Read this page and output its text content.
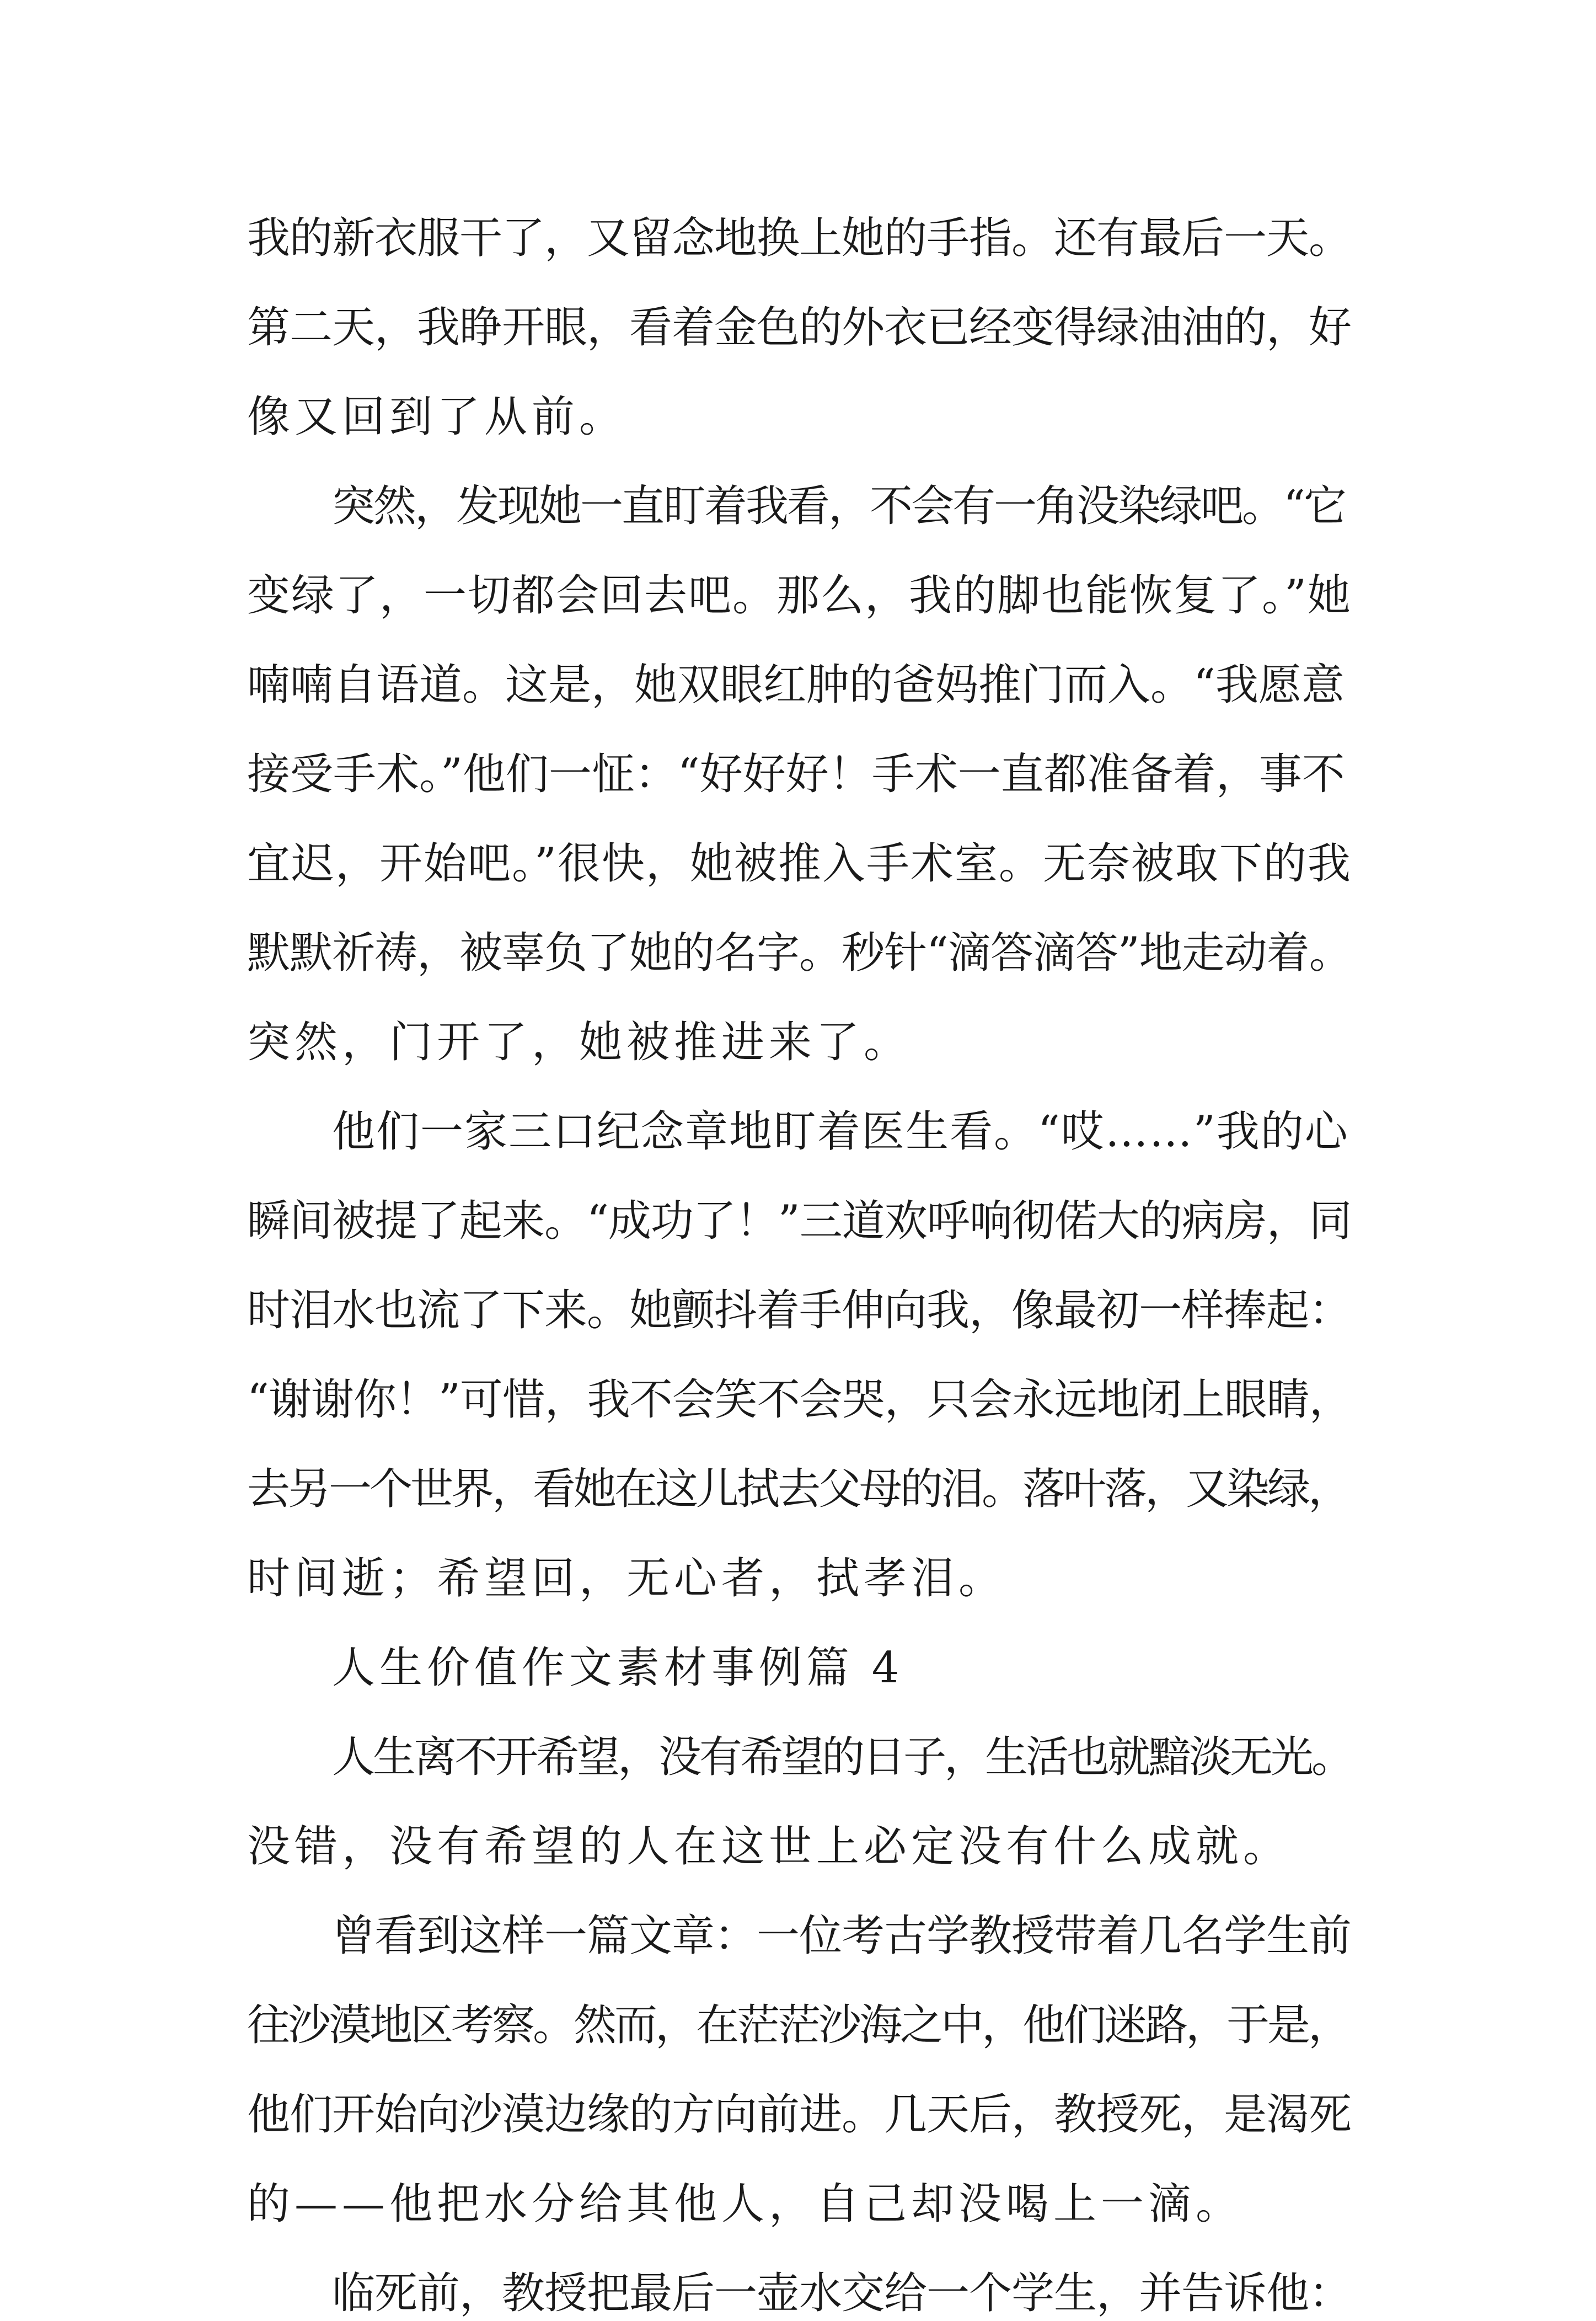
我的新衣服干了，又留念地换上她的手指。还有最后一天。
第二天，我睁开眼，看着金色的外衣已经变得绿油油的，好
像又回到了从前。
突然，发现她一直盯着我看，不会有一角没染绿吧。“它
变绿了，一切都会回去吧。那么，我的脚也能恢复了。”她
喃喃自语道。这是，她双眼红肿的爸妈推门而入。“我愿意
接受手术。”他们一怔：“好好好！手术一直都准备着，事不
宜迟，开始吧。”很快，她被推入手术室。无奈被取下的我
默默祈祷，被辜负了她的名字。秒针“滴答滴答”地走动着。
突然，门开了，她被推进来了。
他们一家三口纪念章地盯着医生看。“哎……”我的心
瞬间被提了起来。“成功了！”三道欢呼响彻偌大的病房，同
时泪水也流了下来。她颤抖着手伸向我，像最初一样捧起：
“谢谢你！”可惜，我不会笑不会哭，只会永远地闭上眼睛，
去另一个世界，看她在这儿拭去父母的泪。落叶落，又染绿，
时间逝；希望回，无心者，拭孝泪。
人生价值作文素材事例篇 4
人生离不开希望，没有希望的日子，生活也就黯淡无光。
没错，没有希望的人在这世上必定没有什么成就。
曾看到这样一篇文章：一位考古学教授带着几名学生前
往沙漠地区考察。然而，在茫茫沙海之中，他们迷路，于是，
他们开始向沙漠边缘的方向前进。几天后，教授死，是渴死
的——他把水分给其他人，自己却没喝上一滴。
临死前，教授把最后一壶水交给一个学生，并告诉他：
